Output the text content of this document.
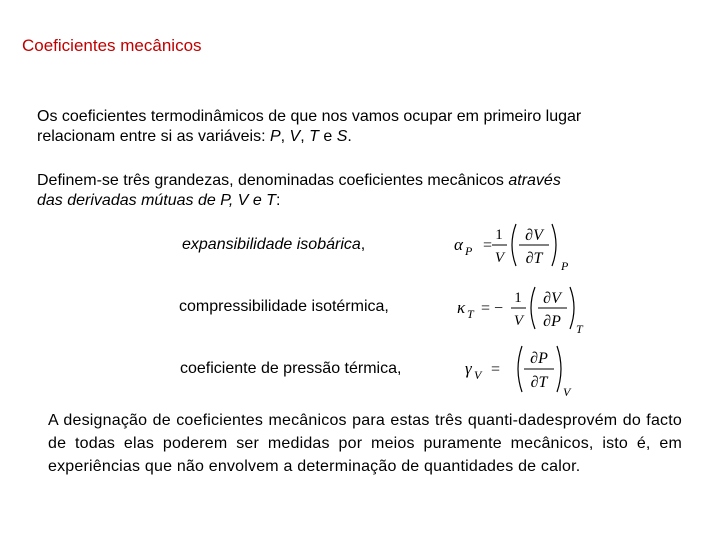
Coeficientes mecânicos
Os coeficientes termodinâmicos de que nos vamos ocupar em primeiro lugar
relacionam entre si as variáveis: P, V, T e S.
Definem-se três grandezas, denominadas coeficientes mecânicos através
das derivadas mútuas de P, V e T:
expansibilidade isobárica,
compressibilidade isotérmica,
coeficiente de pressão térmica,
α P =
1
V
∂V
∂T P
κ T = −
1
V
∂V
∂P T
γ V =
∂P
∂T
V
A designação de coeficientes mecânicos para estas três quanti-dadesprovém do facto de todas elas poderem ser medidas por meios puramente mecânicos, isto é, em experiências que não envolvem a determinação de quantidades de calor.
